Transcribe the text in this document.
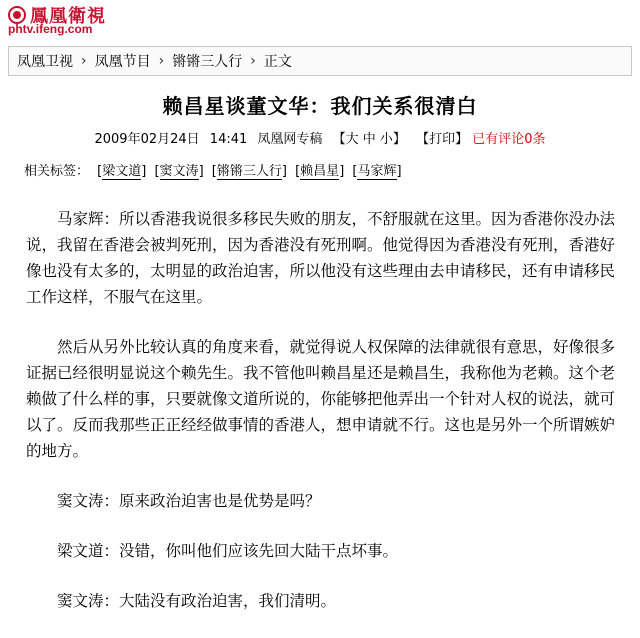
鳳凰衛視
phtv.ifeng.com
凤凰卫视 › 凤凰节目 › 锵锵三人行 › 正文
赖昌星谈董文华：我们关系很清白
2009年02月24日 14:41 凤凰网专稿 【大 中 小】 【打印】 已有评论0条
相关标签： [梁文道] [窦文涛] [锵锵三人行] [赖昌星] [马家辉]

马家辉：所以香港我说很多移民失败的朋友，不舒服就在这里。因为香港你没办法说，我留在香港会被判死刑，因为香港没有死刑啊。他觉得因为香港没有死刑，香港好像也没有太多的，太明显的政治迫害，所以他没有这些理由去申请移民，还有申请移民工作这样，不服气在这里。

然后从另外比较认真的角度来看，就觉得说人权保障的法律就很有意思，好像很多证据已经很明显说这个赖先生。我不管他叫赖昌星还是赖昌生，我称他为老赖。这个老赖做了什么样的事，只要就像文道所说的，你能够把他弄出一个针对人权的说法，就可以了。反而我那些正正经经做事情的香港人，想申请就不行。这也是另外一个所谓嫉妒的地方。

窦文涛：原来政治迫害也是优势是吗？

梁文道：没错，你叫他们应该先回大陆干点坏事。

窦文涛：大陆没有政治迫害，我们清明。
